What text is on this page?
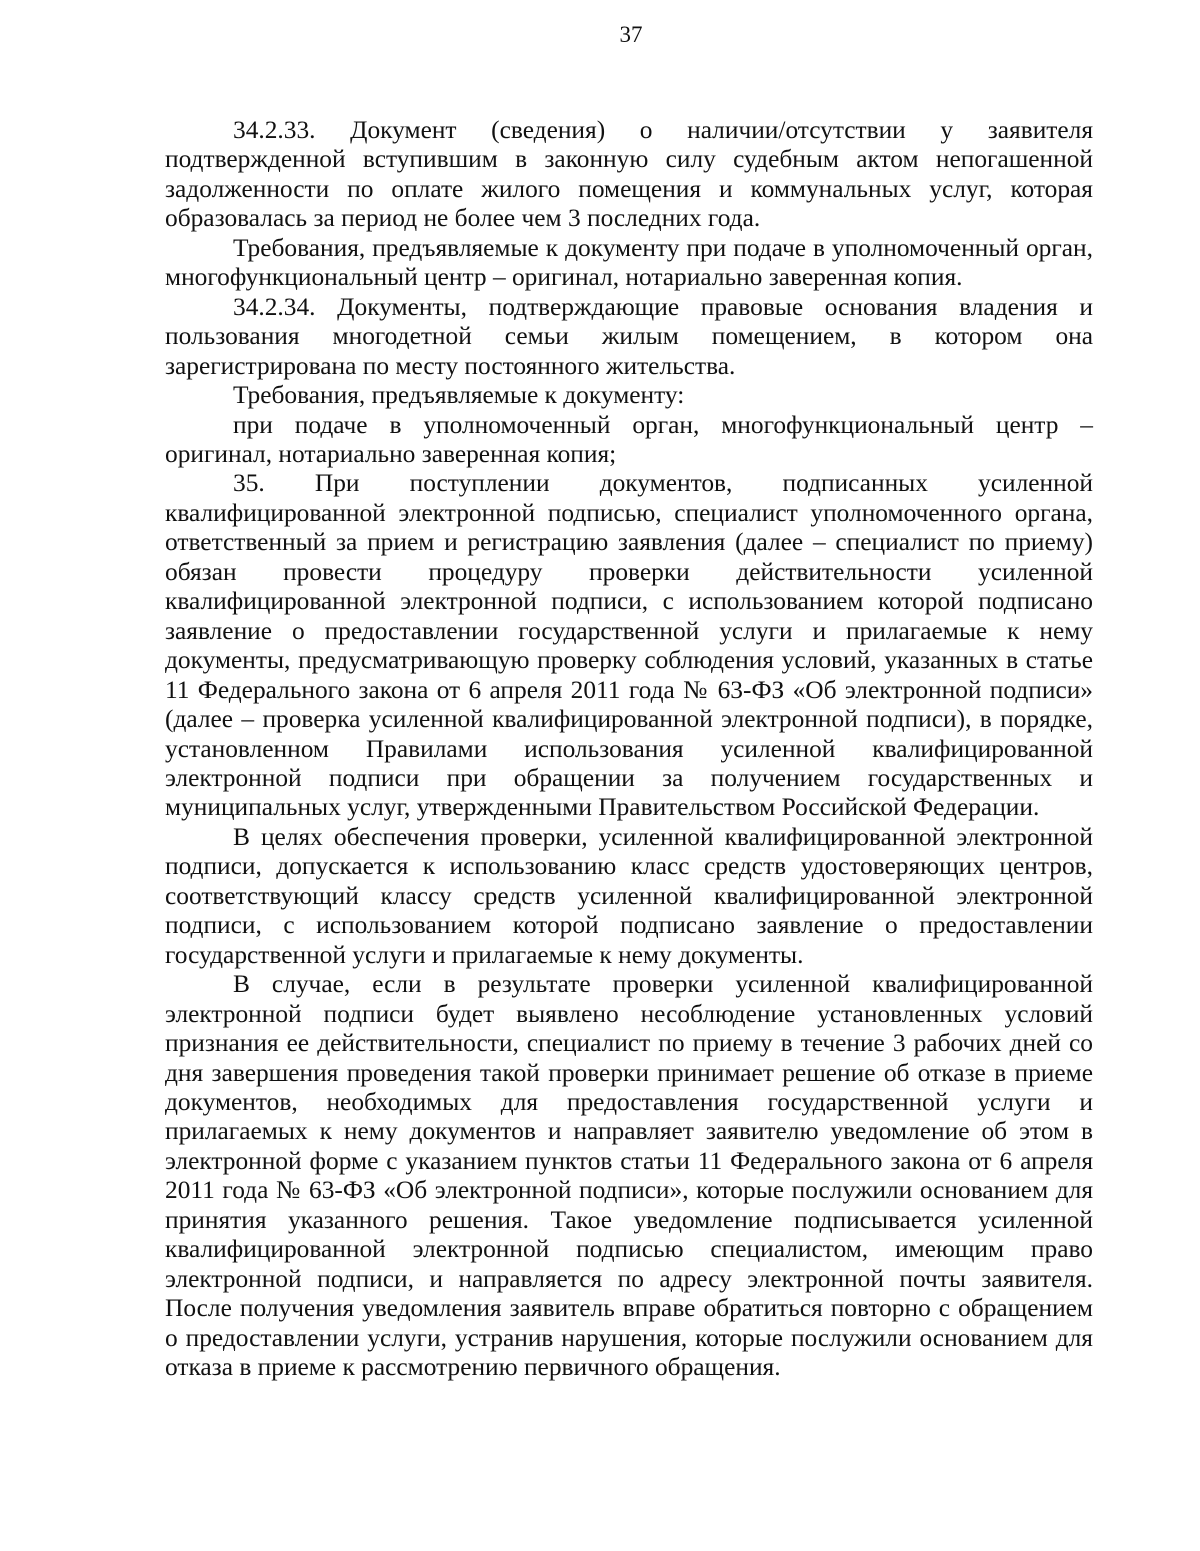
37

34.2.33. Документ (сведения) о наличии/отсутствии у заявителя подтвержденной вступившим в законную силу судебным актом непогашенной задолженности по оплате жилого помещения и коммунальных услуг, которая образовалась за период не более чем 3 последних года.

Требования, предъявляемые к документу при подаче в уполномоченный орган, многофункциональный центр – оригинал, нотариально заверенная копия.

34.2.34. Документы, подтверждающие правовые основания владения и пользования многодетной семьи жилым помещением, в котором она зарегистрирована по месту постоянного жительства.

Требования, предъявляемые к документу:

при подаче в уполномоченный орган, многофункциональный центр – оригинал, нотариально заверенная копия;

35. При поступлении документов, подписанных усиленной квалифицированной электронной подписью, специалист уполномоченного органа, ответственный за прием и регистрацию заявления (далее – специалист по приему) обязан провести процедуру проверки действительности усиленной квалифицированной электронной подписи, с использованием которой подписано заявление о предоставлении государственной услуги и прилагаемые к нему документы, предусматривающую проверку соблюдения условий, указанных в статье 11 Федерального закона от 6 апреля 2011 года № 63-ФЗ «Об электронной подписи» (далее – проверка усиленной квалифицированной электронной подписи), в порядке, установленном Правилами использования усиленной квалифицированной электронной подписи при обращении за получением государственных и муниципальных услуг, утвержденными Правительством Российской Федерации.

В целях обеспечения проверки, усиленной квалифицированной электронной подписи, допускается к использованию класс средств удостоверяющих центров, соответствующий классу средств усиленной квалифицированной электронной подписи, с использованием которой подписано заявление о предоставлении государственной услуги и прилагаемые к нему документы.

В случае, если в результате проверки усиленной квалифицированной электронной подписи будет выявлено несоблюдение установленных условий признания ее действительности, специалист по приему в течение 3 рабочих дней со дня завершения проведения такой проверки принимает решение об отказе в приеме документов, необходимых для предоставления государственной услуги и прилагаемых к нему документов и направляет заявителю уведомление об этом в электронной форме с указанием пунктов статьи 11 Федерального закона от 6 апреля 2011 года № 63-ФЗ «Об электронной подписи», которые послужили основанием для принятия указанного решения. Такое уведомление подписывается усиленной квалифицированной электронной подписью специалистом, имеющим право электронной подписи, и направляется по адресу электронной почты заявителя. После получения уведомления заявитель вправе обратиться повторно с обращением о предоставлении услуги, устранив нарушения, которые послужили основанием для отказа в приеме к рассмотрению первичного обращения.
